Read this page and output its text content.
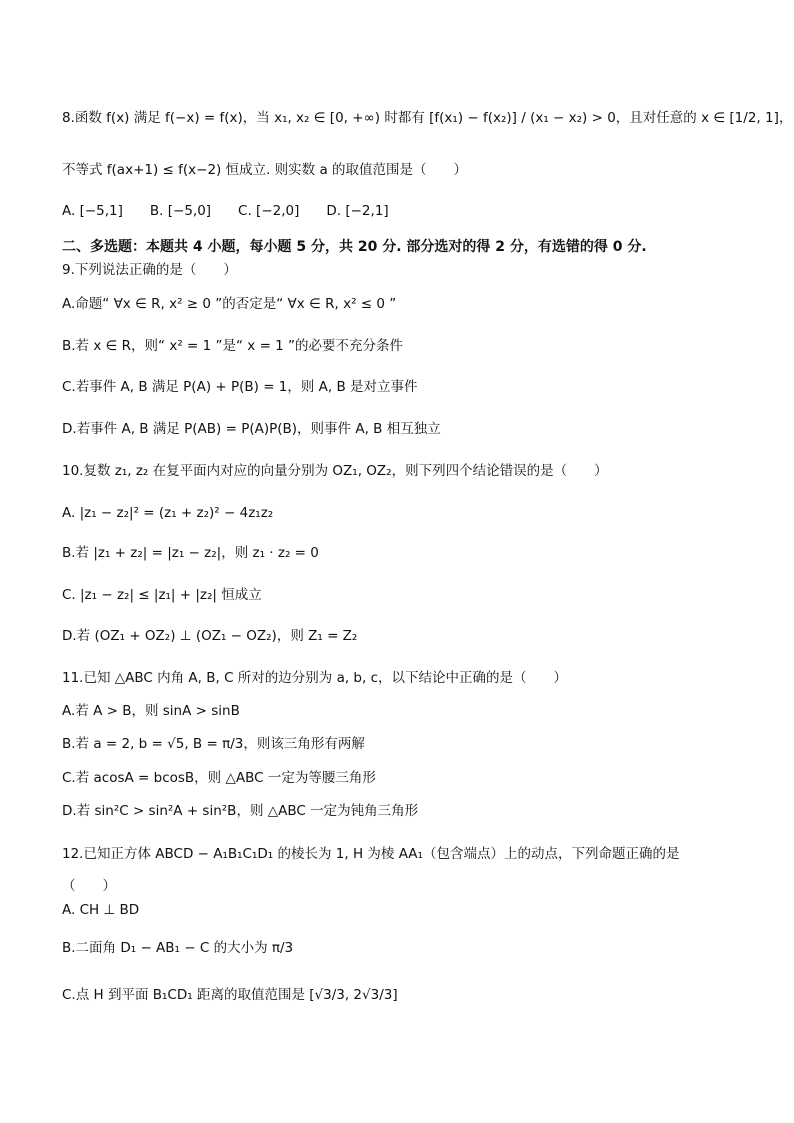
8.函数 f(x) 满足 f(−x) = f(x)，当 x₁, x₂ ∈ [0, +∞) 时都有 [f(x₁) − f(x₂)] / (x₁ − x₂) > 0，且对任意的 x ∈ [1/2, 1]，
不等式 f(ax+1) ≤ f(x−2) 恒成立. 则实数 a 的取值范围是（　　）
A. [−5,1]　　B. [−5,0]　　C. [−2,0]　　D. [−2,1]
二、多选题：本题共 4 小题，每小题 5 分，共 20 分. 部分选对的得 2 分，有选错的得 0 分.
9.下列说法正确的是（　　）
A.命题“ ∀x ∈ R, x² ≥ 0 ”的否定是“ ∀x ∈ R, x² ≤ 0 ”
B.若 x ∈ R，则“ x² = 1 ”是“ x = 1 ”的必要不充分条件
C.若事件 A, B 满足 P(A) + P(B) = 1，则 A, B 是对立事件
D.若事件 A, B 满足 P(AB) = P(A)P(B)，则事件 A, B 相互独立
10.复数 z₁, z₂ 在复平面内对应的向量分别为 OZ₁, OZ₂，则下列四个结论错误的是（　　）
A. |z₁ − z₂|² = (z₁ + z₂)² − 4z₁z₂
B.若 |z₁ + z₂| = |z₁ − z₂|，则 z₁ · z₂ = 0
C. |z₁ − z₂| ≤ |z₁| + |z₂| 恒成立
D.若 (OZ₁ + OZ₂) ⊥ (OZ₁ − OZ₂)，则 Z₁ = Z₂
11.已知 △ABC 内角 A, B, C 所对的边分别为 a, b, c，以下结论中正确的是（　　）
A.若 A > B，则 sinA > sinB
B.若 a = 2, b = √5, B = π/3，则该三角形有两解
C.若 acosA = bcosB，则 △ABC 一定为等腰三角形
D.若 sin²C > sin²A + sin²B，则 △ABC 一定为钝角三角形
12.已知正方体 ABCD − A₁B₁C₁D₁ 的棱长为 1, H 为棱 AA₁（包含端点）上的动点，下列命题正确的是
（　　）
A. CH ⊥ BD
B.二面角 D₁ − AB₁ − C 的大小为 π/3
C.点 H 到平面 B₁CD₁ 距离的取值范围是 [√3/3, 2√3/3]
